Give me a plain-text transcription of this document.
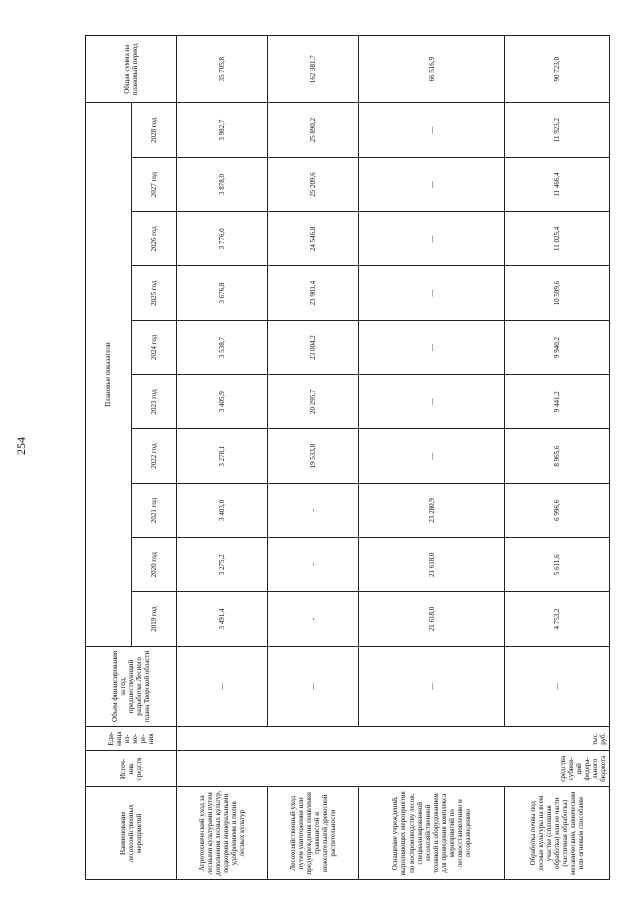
254
Наименование лесохозяйственных мероприятий	Источ- ник средств	Еди- ница из- ме- ре- ния	Объем финансирования за год, предшествующий разработке Лесного плана Тверской области	Плановые показатели										Общая сумма на плановый период
				2019 год	2020 год	2021 год	2022 год	2023 год	2024 год	2025 год	2026 год	2027 год	2028 год	
Агротехнический уход за лесными культурами путем дополнения лесных культур, подкормки минеральными удобрениями и полив лесных культур	средства субвен- ций федера- льного бюджета	тыс. руб.	—	3 491,4	3 275,2	3 403,0	3 278,1	3 405,9	3 538,7	3 676,8	3 776,0	3 878,0	3 982,7	35 705,8
Лесохозяйственный уход путем уничтожения или предупреждения появления травянистой и нежелательной древесной растительности			—	-	-	-	19 533,8	20 295,7	23 004,2	23 901,4	24 546,8	25 209,6	25 890,2	162 381,7
Оснащение учреждений, выполняющих мероприятия по воспроизводству лесов, специализированной лесохозяйственной техникой и оборудованием для проведения комплекса мероприятий по лесовосстановлению и лесоразведению			—	21 618,0	21 618,0	23 280,9	—	—	—	—	—	—	—	66 516,9
Обработка почвы под лесные культуры на всем участке (сплошная обработка) или ее части (частичная обработка) механическим, химическим или огневым способами			—	4 753,2	5 611,6	6 996,6	8 965,6	9 441,2	9 940,2	10 599,6	11 025,4	11 466,4	11 923,2	90 723,0
